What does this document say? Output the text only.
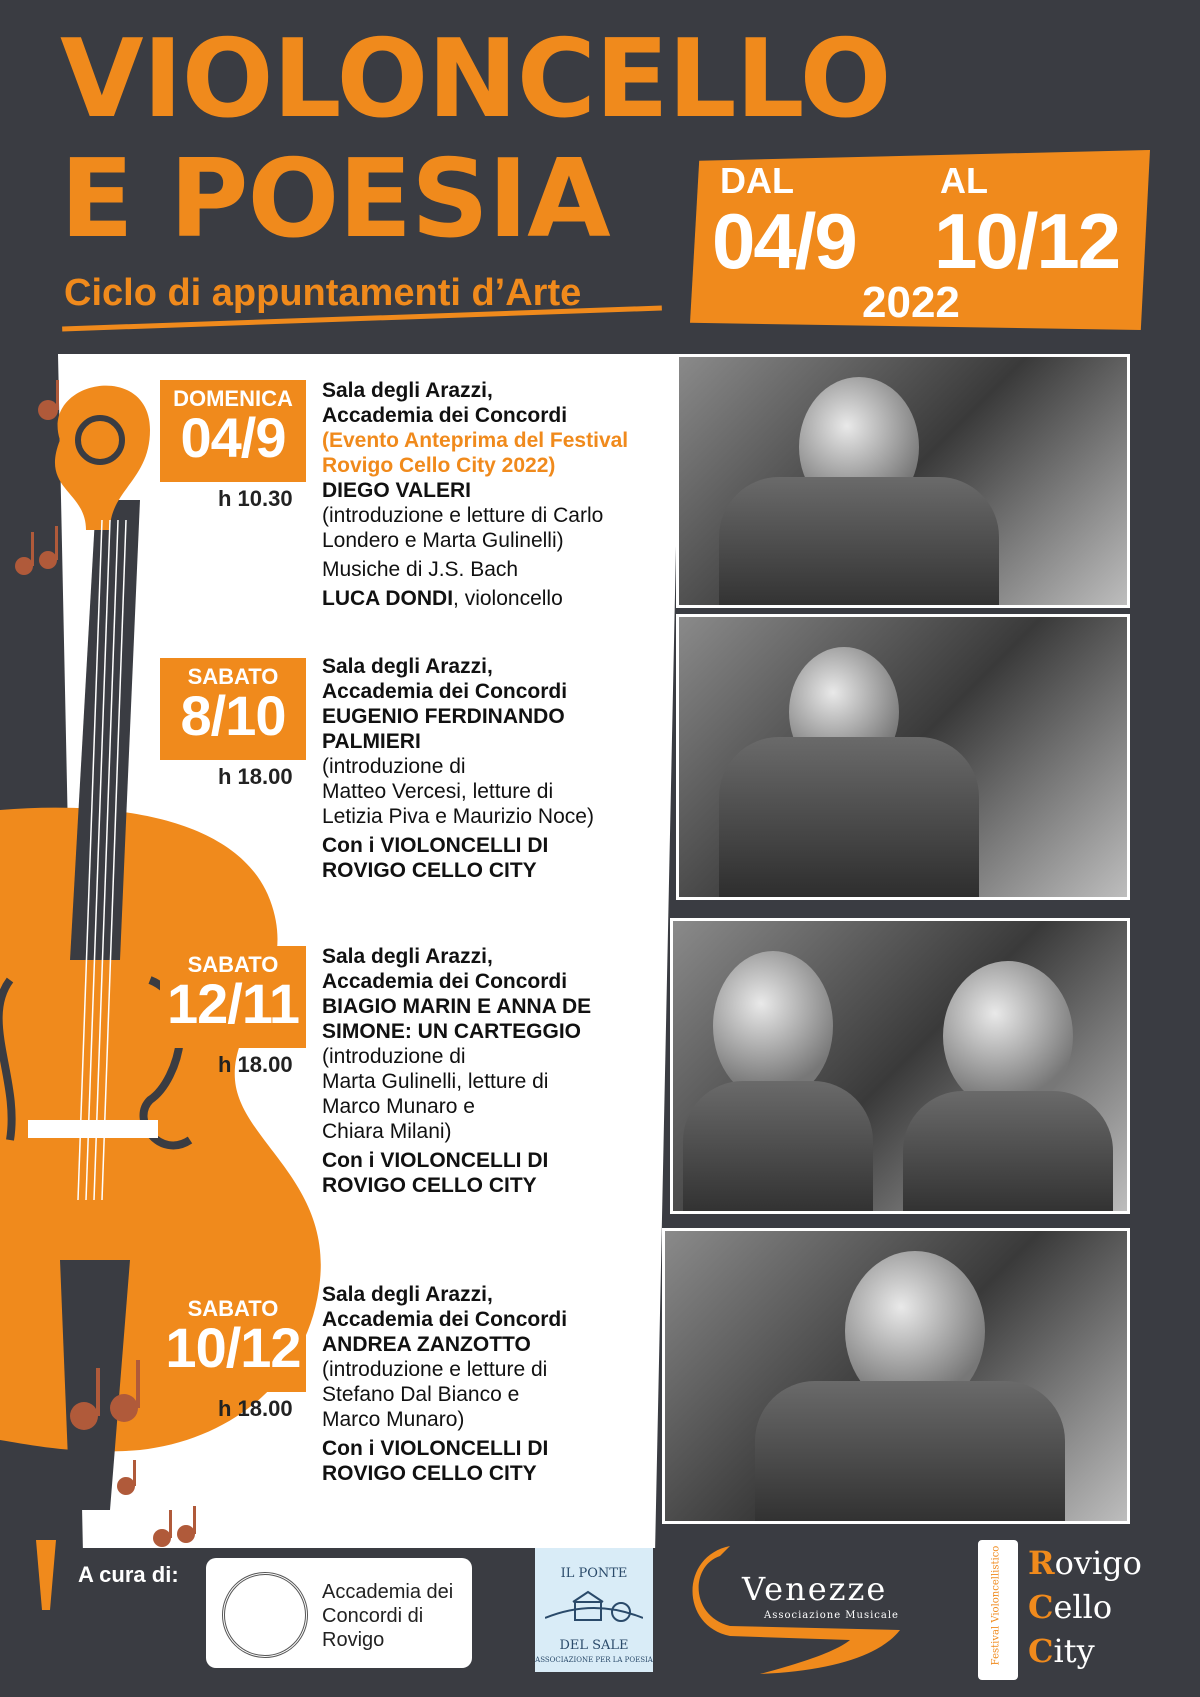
VIOLONCELLO
E POESIA
Ciclo di appuntamenti d’Arte
DAL	AL
04/9 10/12
2022
DOMENICA
04/9
h 10.30
Sala degli Arazzi,
Accademia dei Concordi
(Evento Anteprima del Festival
Rovigo Cello City 2022)
DIEGO VALERI
(introduzione e letture di Carlo
Londero e Marta Gulinelli)
Musiche di J.S. Bach
LUCA DONDI, violoncello
SABATO
8/10
h 18.00
Sala degli Arazzi,
Accademia dei Concordi
EUGENIO FERDINANDO
PALMIERI
(introduzione di
Matteo Vercesi, letture di
Letizia Piva e Maurizio Noce)
Con i VIOLONCELLI DI
ROVIGO CELLO CITY
SABATO
12/11
h 18.00
Sala degli Arazzi,
Accademia dei Concordi
BIAGIO MARIN E ANNA DE
SIMONE: UN CARTEGGIO
(introduzione di
Marta Gulinelli, letture di
Marco Munaro e
Chiara Milani)
Con i VIOLONCELLI DI
ROVIGO CELLO CITY
SABATO
10/12
h 18.00
Sala degli Arazzi,
Accademia dei Concordi
ANDREA ZANZOTTO
(introduzione e letture di
Stefano Dal Bianco e
Marco Munaro)
Con i VIOLONCELLI DI
ROVIGO CELLO CITY
A cura di:
Accademia dei
Concordi di
Rovigo
IL PONTE
DEL SALE
ASSOCIAZIONE PER LA POESIA
F Venezze
Associazione Musicale	Festival Violoncellistico Rovigo
Cello
City
